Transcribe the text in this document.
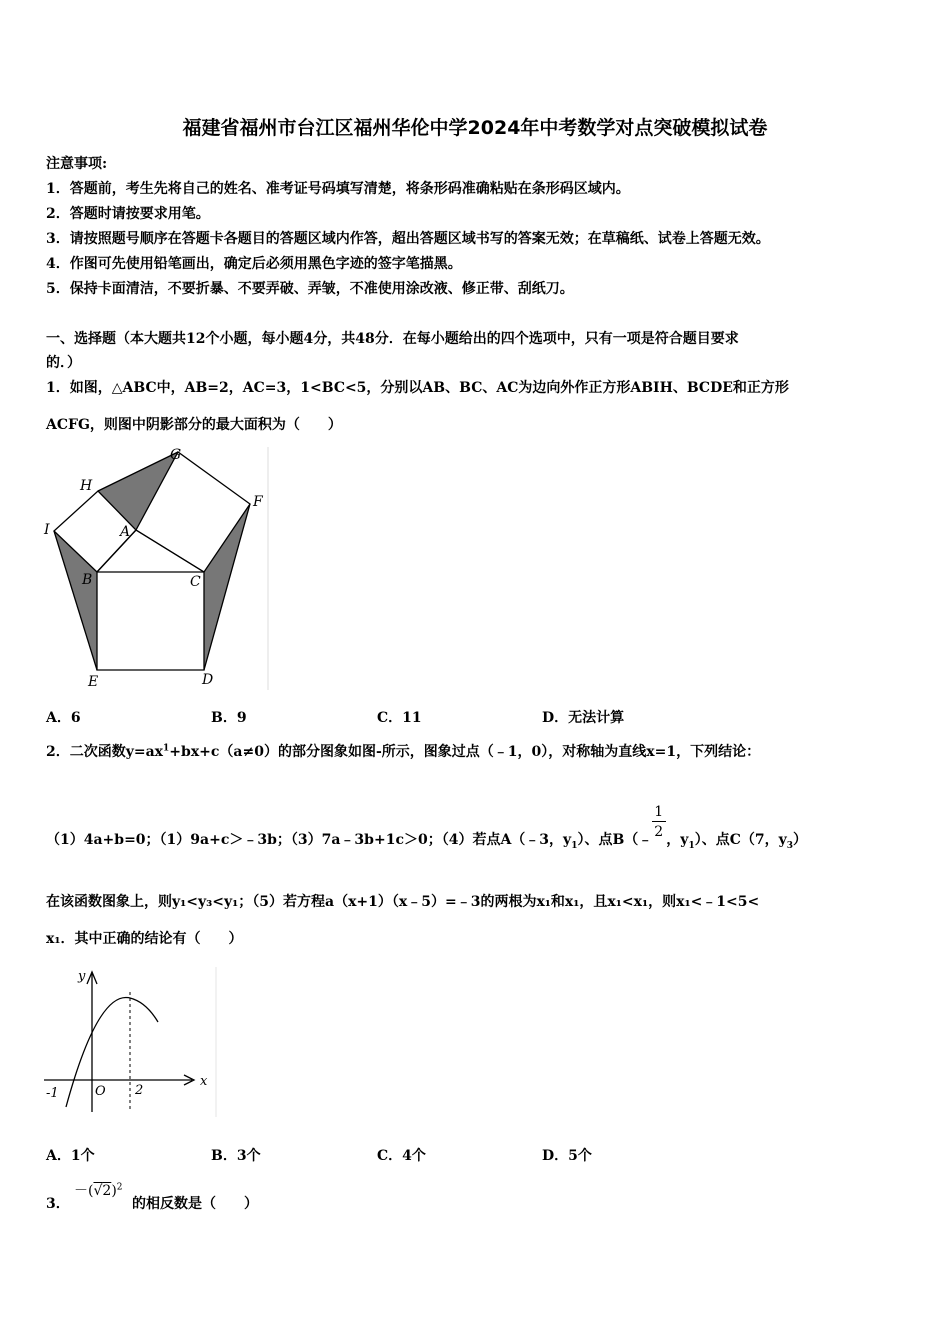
福建省福州市台江区福州华伦中学2024年中考数学对点突破模拟试卷
注意事项:
1．答题前，考生先将自己的姓名、准考证号码填写清楚，将条形码准确粘贴在条形码区域内。
2．答题时请按要求用笔。
3．请按照题号顺序在答题卡各题目的答题区域内作答，超出答题区域书写的答案无效；在草稿纸、试卷上答题无效。
4．作图可先使用铅笔画出，确定后必须用黑色字迹的签字笔描黑。
5．保持卡面清洁，不要折暴、不要弄破、弄皱，不准使用涂改液、修正带、刮纸刀。
一、选择题（本大题共12个小题，每小题4分，共48分．在每小题给出的四个选项中，只有一项是符合题目要求
的．）
1．如图，△ABC中，AB=2，AC=3，1<BC<5，分别以AB、BC、AC为边向外作正方形ABIH、BCDE和正方形
ACFG，则图中阴影部分的最大面积为（　　）
G
H
F
I	A
B	C
E	D
A．6	B．9	C．11	D．无法计算
2．二次函数$y=ax^1+bx+c(a\ne 0)$的部分图象如图-所示，图象过点（﹣1，0），对称轴为直线x=1，下列结论：
（1）4a+b=0；（1）9a+c＞﹣3b；（3）7a﹣3b+1c＞0；（4）若点A（﹣3，$y_1$）、点B（﹣ $\frac{1}{2}$ ，$y_1$）、点C（7，$y_3$）
在该函数图象上，则y₁<y₃<y₁；（5）若方程a（x+1）（x﹣5）=﹣3的两根为x₁和x₁，且x₁<x₁，则x₁<﹣1<5<
x₁．其中正确的结论有（　　）
y
x
O
-1	2
A．1个	B．3个	C．4个	D．5个
3．
$-(√2)^2$
的相反数是（　　）
